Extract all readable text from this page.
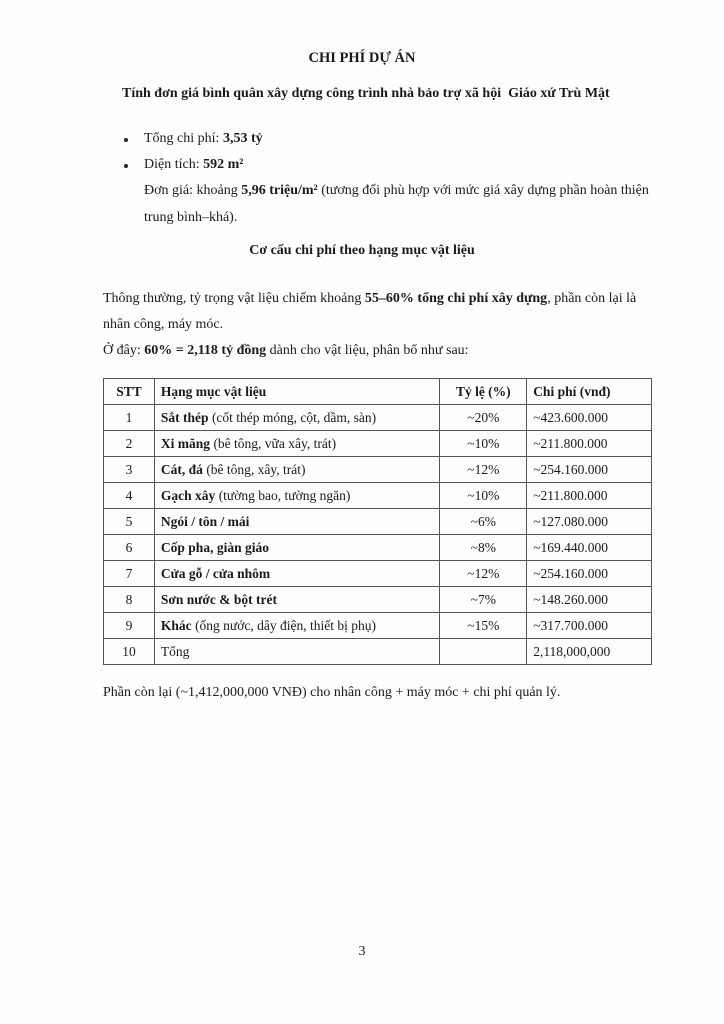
CHI PHÍ DỰ ÁN
Tính đơn giá bình quân xây dựng công trình nhà bảo trợ xã hội  Giáo xứ Trù Mật
Tổng chi phí: 3,53 tỷ
Diện tích: 592 m²
Đơn giá: khoảng 5,96 triệu/m² (tương đối phù hợp với mức giá xây dựng phần hoàn thiện trung bình–khá).
Cơ cấu chi phí theo hạng mục vật liệu
Thông thường, tỷ trọng vật liệu chiếm khoảng 55–60% tổng chi phí xây dựng, phần còn lại là nhân công, máy móc.
Ở đây: 60% = 2,118 tỷ đồng dành cho vật liệu, phân bổ như sau:
STT	Hạng mục vật liệu	Tỷ lệ (%)	Chi phí (vnđ)
1	Sắt thép (cốt thép móng, cột, dầm, sàn)	~20%	~423.600.000
2	Xi măng (bê tông, vữa xây, trát)	~10%	~211.800.000
3	Cát, đá (bê tông, xây, trát)	~12%	~254.160.000
4	Gạch xây (tường bao, tường ngăn)	~10%	~211.800.000
5	Ngói / tôn / mái	~6%	~127.080.000
6	Cốp pha, giàn giáo	~8%	~169.440.000
7	Cửa gỗ / cửa nhôm	~12%	~254.160.000
8	Sơn nước & bột trét	~7%	~148.260.000
9	Khác (ống nước, dây điện, thiết bị phụ)	~15%	~317.700.000
10	Tổng		2,118,000,000
Phần còn lại (~1,412,000,000 VNĐ) cho nhân công + máy móc + chi phí quản lý.
3
